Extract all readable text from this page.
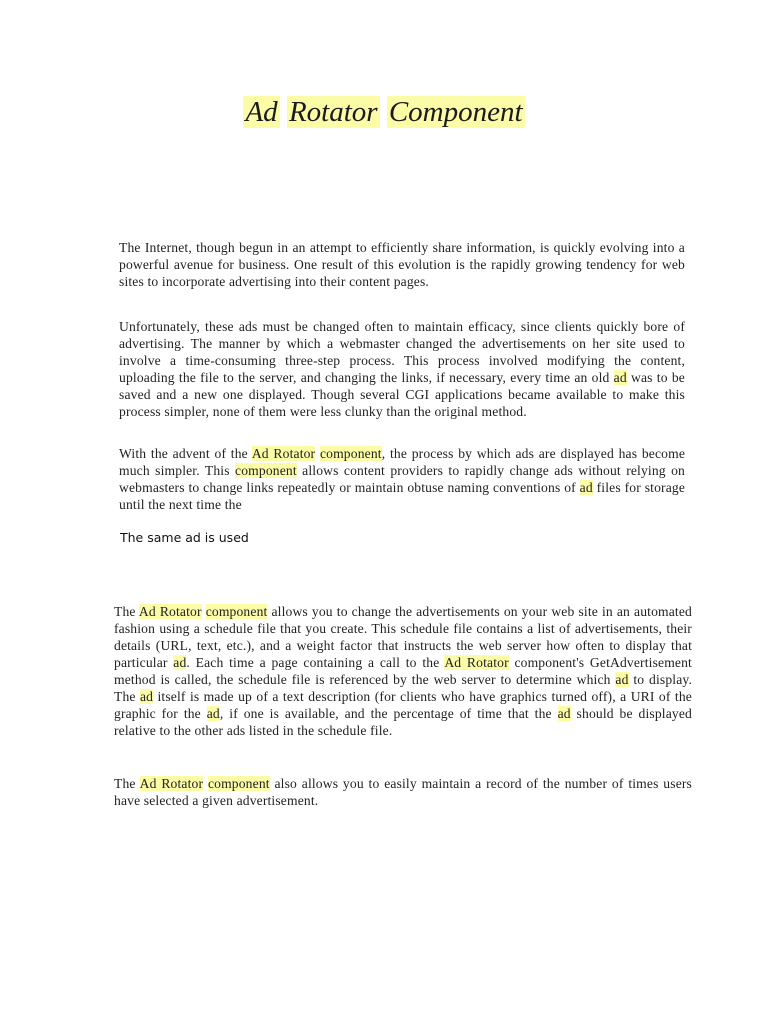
Ad Rotator Component

The Internet, though begun in an attempt to efficiently share information, is quickly evolving into a powerful avenue for business. One result of this evolution is the rapidly growing tendency for web sites to incorporate advertising into their content pages.

Unfortunately, these ads must be changed often to maintain efficacy, since clients quickly bore of advertising. The manner by which a webmaster changed the advertisements on her site used to involve a time-consuming three-step process. This process involved modifying the content, uploading the file to the server, and changing the links, if necessary, every time an old ad was to be saved and a new one displayed. Though several CGI applications became available to make this process simpler, none of them were less clunky than the original method.

With the advent of the Ad Rotator component, the process by which ads are displayed has become much simpler. This component allows content providers to rapidly change ads without relying on webmasters to change links repeatedly or maintain obtuse naming conventions of ad files for storage until the next time the

The same ad is used

The Ad Rotator component allows you to change the advertisements on your web site in an automated fashion using a schedule file that you create. This schedule file contains a list of advertisements, their details (URL, text, etc.), and a weight factor that instructs the web server how often to display that particular ad. Each time a page containing a call to the Ad Rotator component's GetAdvertisement method is called, the schedule file is referenced by the web server to determine which ad to display. The ad itself is made up of a text description (for clients who have graphics turned off), a URI of the graphic for the ad, if one is available, and the percentage of time that the ad should be displayed relative to the other ads listed in the schedule file.

The Ad Rotator component also allows you to easily maintain a record of the number of times users have selected a given advertisement.
